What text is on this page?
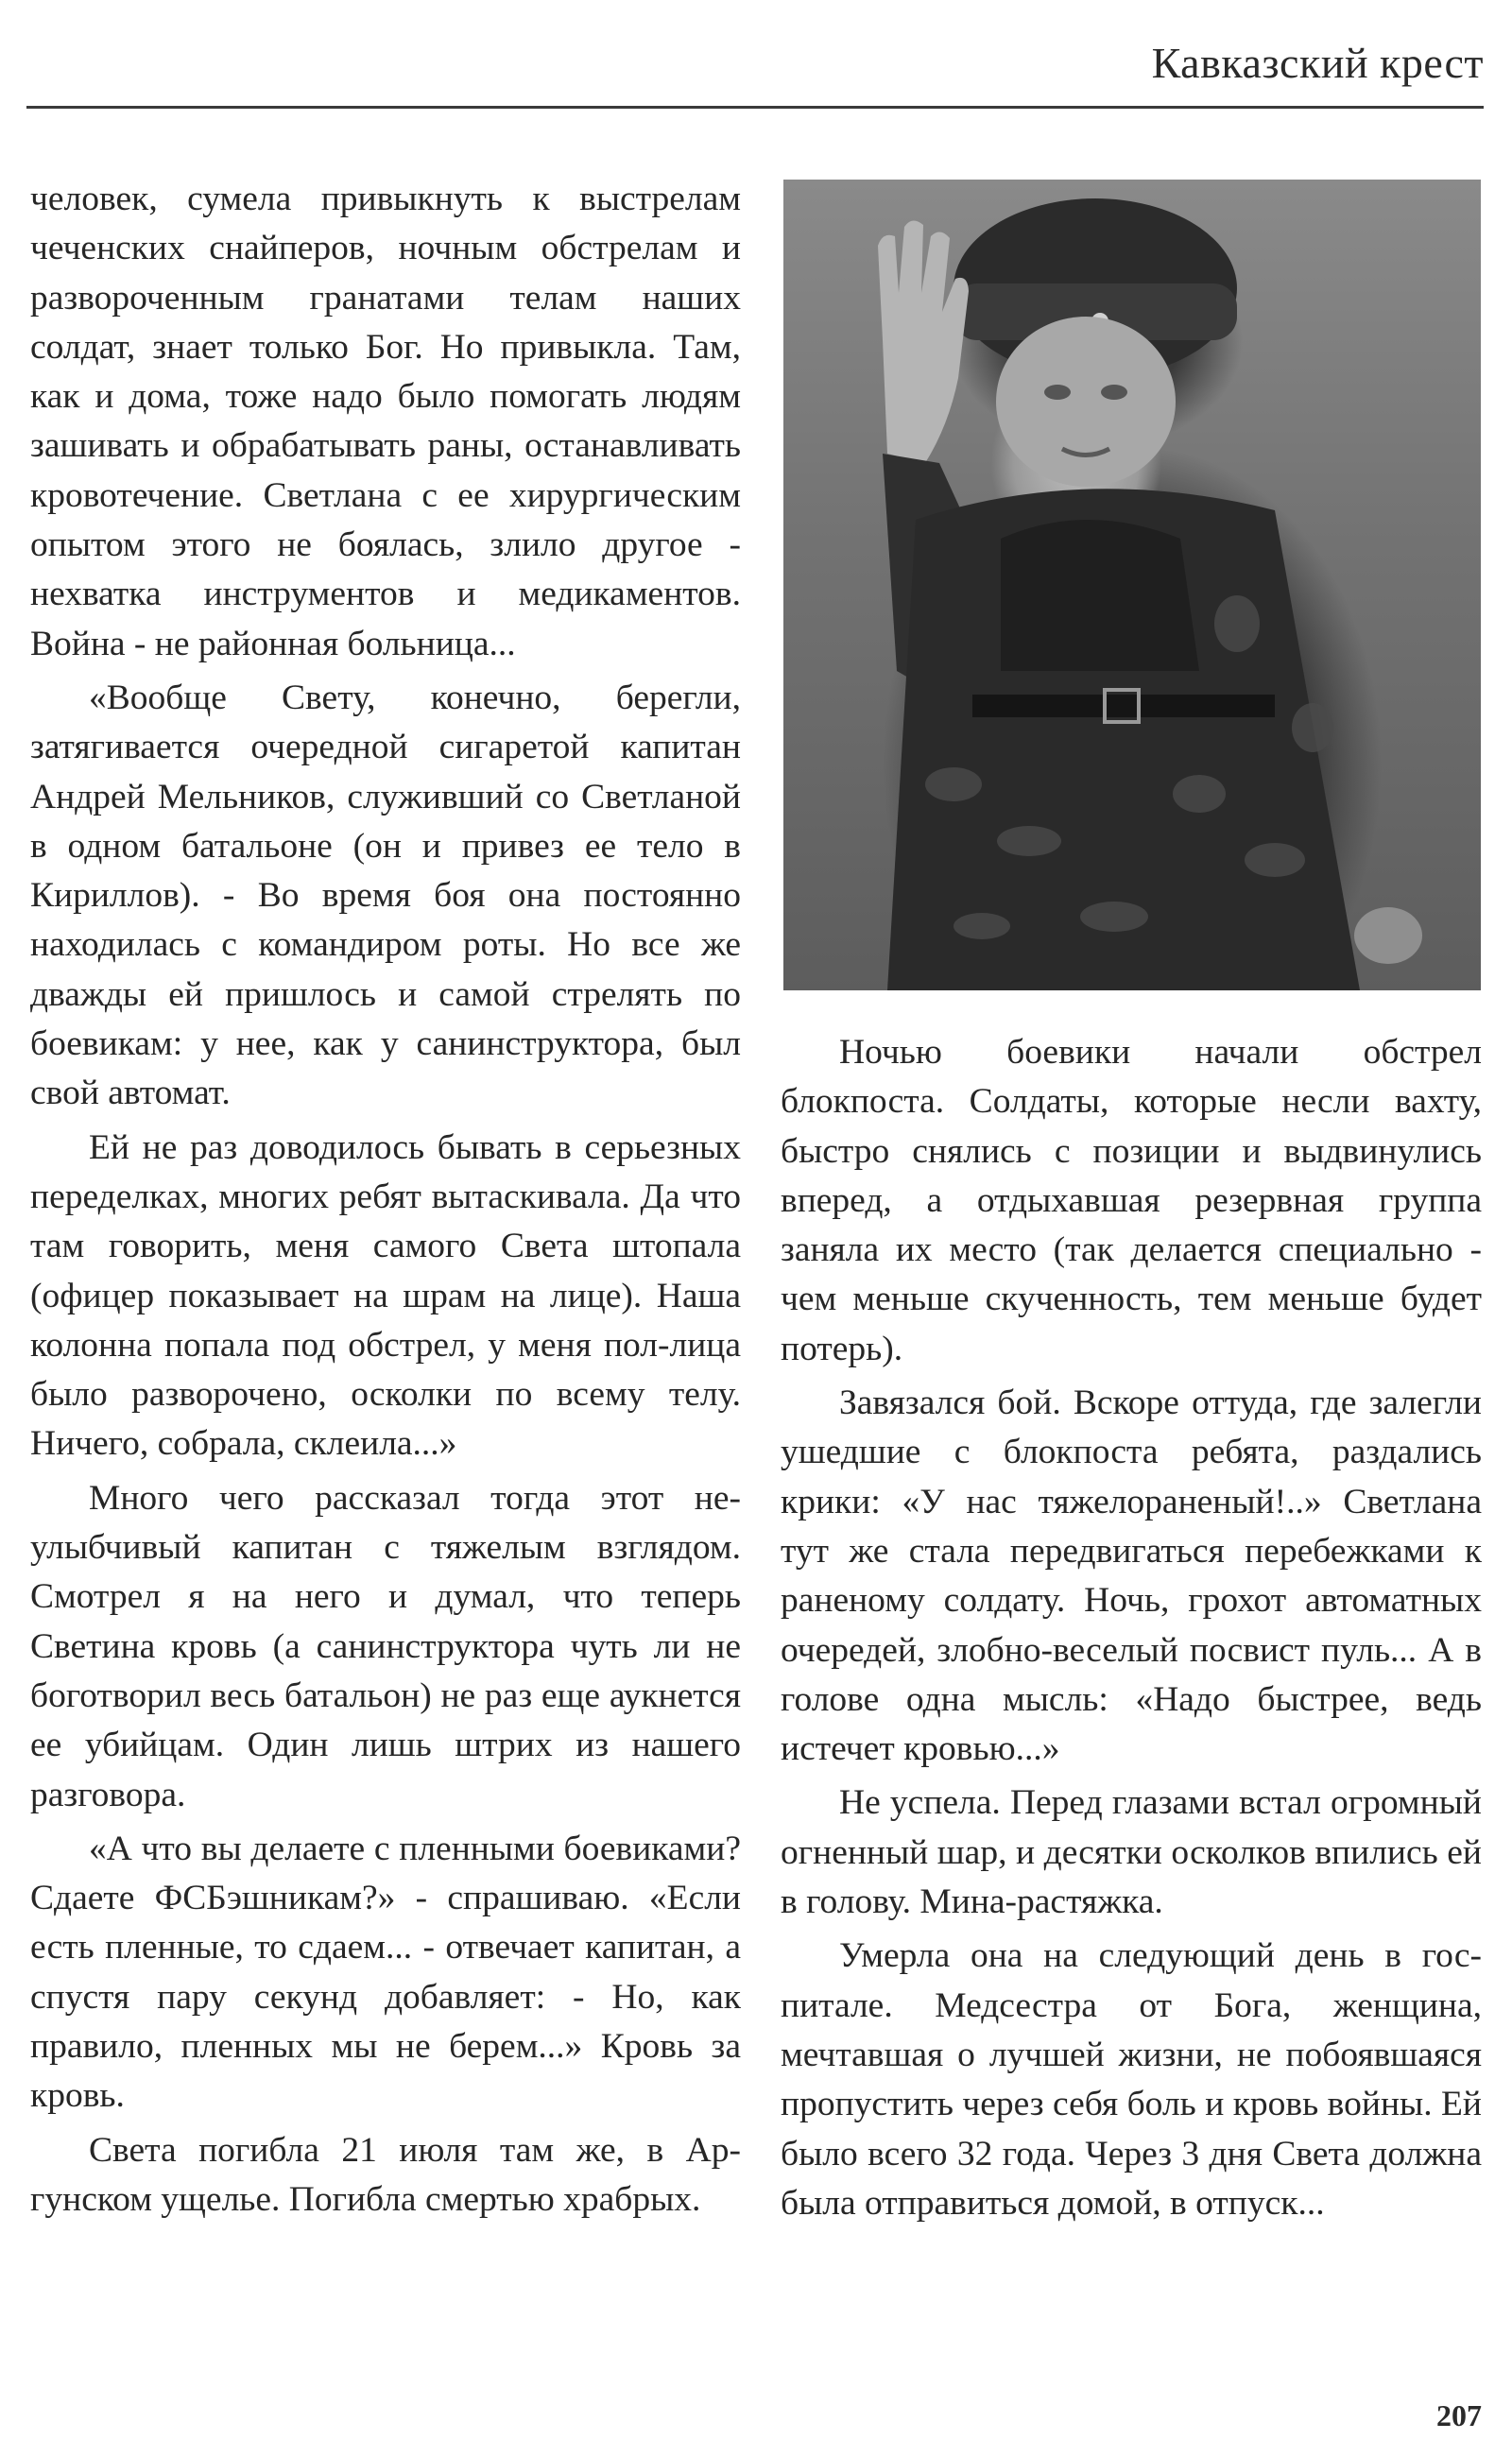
Кавказский крест

человек, сумела привыкнуть к выстрелам чеченских снайперов, ночным обстрелам и развороченным гранатами телам наших солдат, знает только Бог. Но привыкла. Там, как и дома, тоже надо было помогать людям зашивать и обрабатывать раны, останавливать кровотечение. Светлана с ее хирургическим опытом этого не боялась, злило другое - нехватка инструментов и медикаментов. Война - не районная больница...

«Вообще Свету, конечно, берегли, затягивается очередной сигаретой капитан Андрей Мельников, служивший со Светланой в одном батальоне (он и привез ее тело в Кириллов). - Во время боя она постоянно находилась с командиром роты. Но все же дважды ей пришлось и самой стрелять по боевикам: у нее, как у санинструктора, был свой автомат.

Ей не раз доводилось бывать в серьезных переделках, многих ребят вытаскивала. Да что там говорить, меня самого Света штопала (офицер показывает на шрам на лице). Наша колонна попала под обстрел, у меня пол-лица было разворочено, осколки по всему телу. Ничего, собрала, склеила...»

Много чего рассказал тогда этот неулыбчивый капитан с тяжелым взглядом. Смотрел я на него и думал, что теперь Светина кровь (а санинструктора чуть ли не боготворил весь батальон) не раз еще аукнется ее убийцам. Один лишь штрих из нашего разговора.

«А что вы делаете с пленными боевиками? Сдаете ФСБэшникам?» - спрашиваю. «Если есть пленные, то сдаем... - отвечает капитан, а спустя пару секунд добавляет: - Но, как правило, пленных мы не берем...» Кровь за кровь.

Света погибла 21 июля там же, в Аргунском ущелье. Погибла смертью храбрых.

Ночью боевики начали обстрел блокпоста. Солдаты, которые несли вахту, быстро снялись с позиции и выдвинулись вперед, а отдыхавшая резервная группа заняла их место (так делается специально - чем меньше скученность, тем меньше будет потерь).

Завязался бой. Вскоре оттуда, где залегли ушедшие с блокпоста ребята, раздались крики: «У нас тяжелораненый!..» Светлана тут же стала передвигаться перебежками к раненому солдату. Ночь, грохот автоматных очередей, злобно-веселый посвист пуль... А в голове одна мысль: «Надо быстрее, ведь истечет кровью...»

Не успела. Перед глазами встал огромный огненный шар, и десятки осколков впились ей в голову. Мина-растяжка.

Умерла она на следующий день в госпитале. Медсестра от Бога, женщина, мечтавшая о лучшей жизни, не побоявшаяся пропустить через себя боль и кровь войны. Ей было всего 32 года. Через 3 дня Света должна была отправиться домой, в отпуск...

207
